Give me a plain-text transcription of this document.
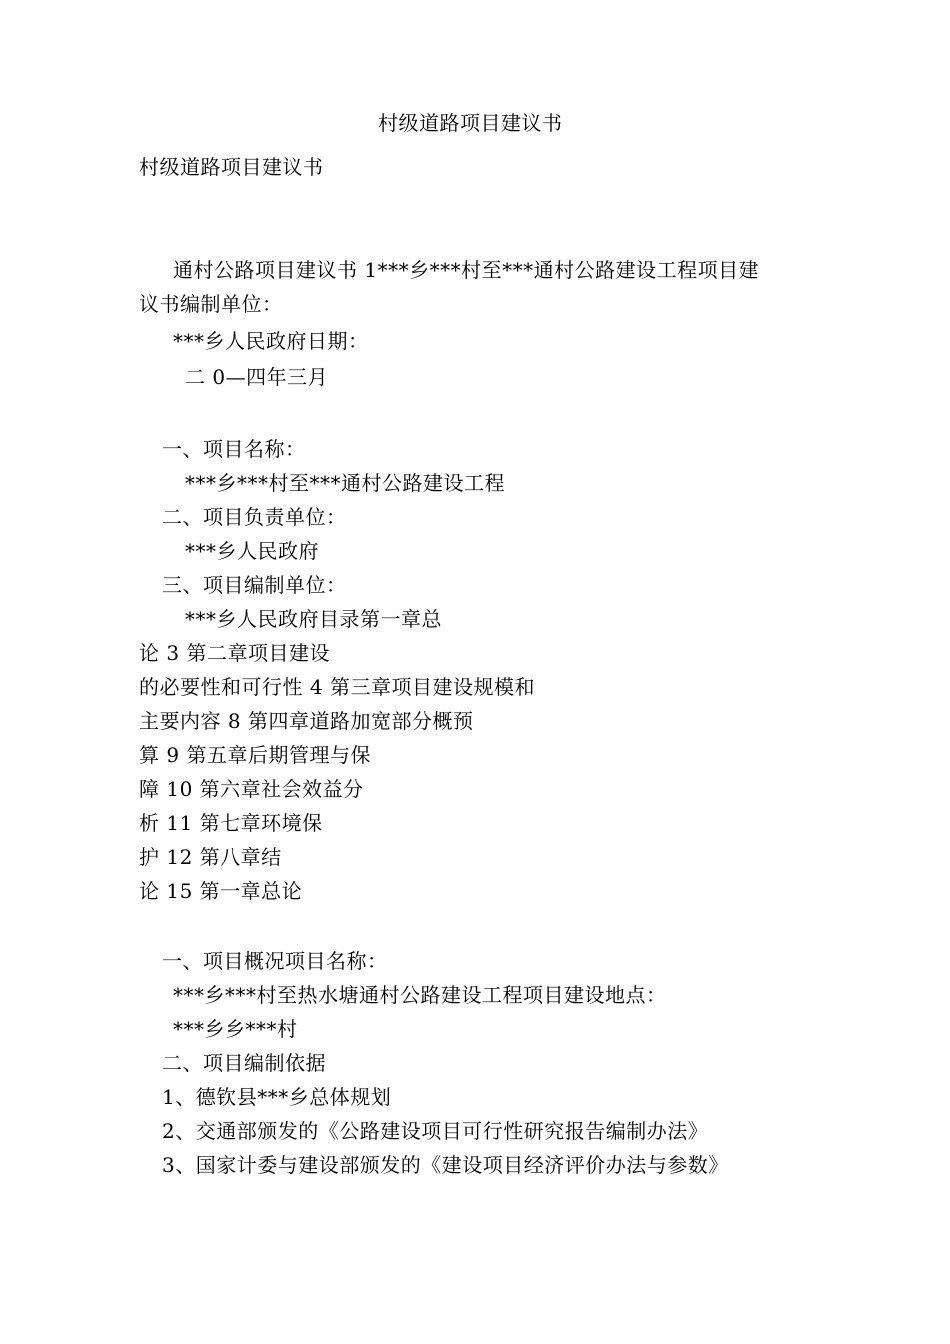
村级道路项目建议书
村级道路项目建议书
通村公路项目建议书 1***乡***村至***通村公路建设工程项目建
议书编制单位：
***乡人民政府日期：
二 0—四年三月
一、项目名称：
***乡***村至***通村公路建设工程
二、项目负责单位：
***乡人民政府
三、项目编制单位：
***乡人民政府目录第一章总
论 3 第二章项目建设
的必要性和可行性 4 第三章项目建设规模和
主要内容 8 第四章道路加宽部分概预
算 9 第五章后期管理与保
障 10 第六章社会效益分
析 11 第七章环境保
护 12 第八章结
论 15 第一章总论
一、项目概况项目名称：
***乡***村至热水塘通村公路建设工程项目建设地点：
***乡乡***村
二、项目编制依据
1、德钦县***乡总体规划
2、交通部颁发的《公路建设项目可行性研究报告编制办法》
3、国家计委与建设部颁发的《建设项目经济评价办法与参数》
